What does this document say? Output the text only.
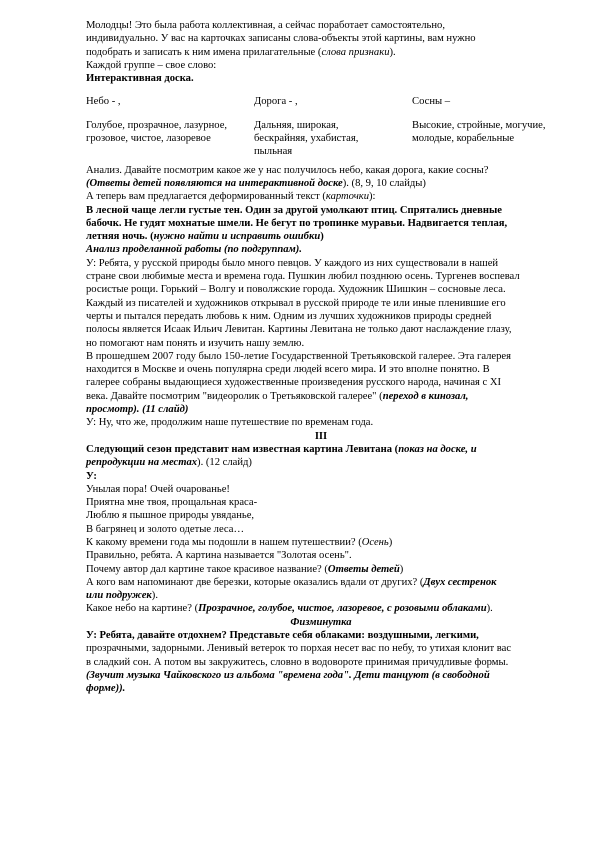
Молодцы! Это была работа коллективная, а сейчас поработает самостоятельно,

индивидуально. У вас на карточках записаны слова-объекты этой картины, вам нужно

подобрать и записать к ним имена прилагательные (слова признаки).

Каждой группе – свое слово:

Интерактивная доска.

Небо - ,	Дорога - ,	Сосны –
Голубое, прозрачное, лазурное,
грозовое, чистое, лазоревое
Дальняя, широкая,
бескрайняя, ухабистая,
пыльная
Высокие, стройные, могучие,
молодые, корабельные

Анализ. Давайте посмотрим какое же у нас получилось небо, какая дорога, какие сосны?

(Ответы детей появляются на интерактивной доске). (8, 9, 10 слайды)

А теперь вам предлагается деформированный текст (карточки):

В лесной чаще легли густые тен. Один за другой умолкают птиц. Спрятались дневные

бабочк. Не гудят мохнатые шмели. Не бегут по тропинке муравьи. Надвигается теплая,

летняя ночь. (нужно найти и исправить ошибки)

Анализ проделанной работы (по подгруппам).

У: Ребята, у русской природы было много певцов. У каждого из них существовали в нашей

стране свои любимые места и времена года. Пушкин любил позднюю осень. Тургенев воспевал

росистые рощи. Горький – Волгу и поволжские города. Художник Шишкин – сосновые леса.

Каждый из писателей и художников открывал в русской природе те или иные пленившие его

черты и пытался передать любовь к ним. Одним из лучших художников природы средней

полосы является Исаак Ильич Левитан. Картины Левитана не только дают наслаждение глазу,

но помогают нам понять и изучить нашу землю.

В прошедшем 2007 году было 150-летие Государственной Третьяковской галерее. Эта галерея

находится в Москве и очень популярна среди людей всего мира. И это вполне понятно. В

галерее собраны выдающиеся художественные произведения русского народа, начиная с XI

века. Давайте посмотрим "видеоролик о Третьяковской галерее" (переход в кинозал,

просмотр). (11 слайд)

У: Ну, что же, продолжим наше путешествие по временам года.

III

Следующий сезон представит нам известная картина Левитана (показ на доске, и

репродукции на местах). (12 слайд)

У:

Унылая пора! Очей очарованье!

Приятна мне твоя, прощальная краса-

Люблю я пышное природы увяданье,

В багрянец и золото одетые леса…

К какому времени года мы подошли в нашем путешествии? (Осень)

Правильно, ребята. А картина называется "Золотая осень".

Почему автор дал картине такое красивое название? (Ответы детей)

А кого вам напоминают две березки, которые оказались вдали от других? (Двух сестренок

или подружек).

Какое небо на картине? (Прозрачное, голубое, чистое, лазоревое, с розовыми облаками).

Физминутка

У: Ребята, давайте отдохнем? Представьте себя облаками: воздушными, легкими,

прозрачными, задорными. Ленивый ветерок то порхая несет вас по небу, то утихая клонит вас

в сладкий сон. А потом вы закружитесь, словно в водовороте принимая причудливые формы.

(Звучит музыка Чайковского из альбома "времена года". Дети танцуют (в свободной

форме)).
